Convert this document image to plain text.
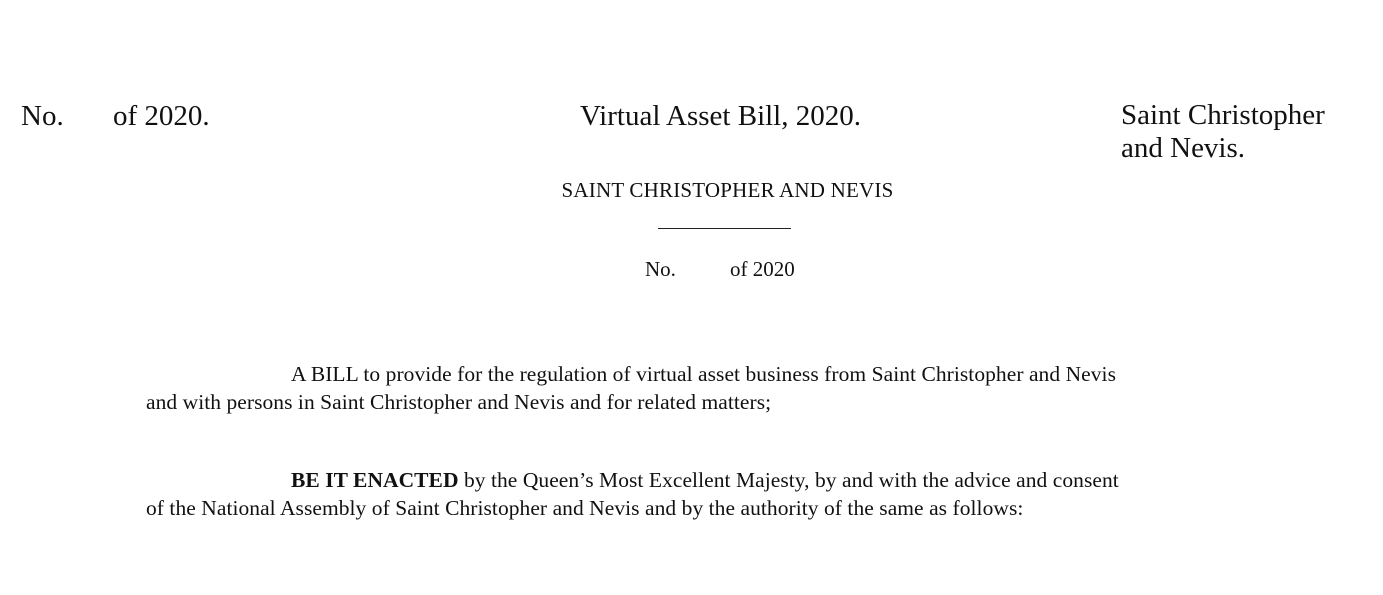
No. of 2020.	Virtual Asset Bill, 2020.	Saint Christopher
and Nevis.
SAINT CHRISTOPHER AND NEVIS
No.	of 2020
A BILL to provide for the regulation of virtual asset business from Saint Christopher and Nevis
and with persons in Saint Christopher and Nevis and for related matters;
BE IT ENACTED by the Queen’s Most Excellent Majesty, by and with the advice and consent
of the National Assembly of Saint Christopher and Nevis and by the authority of the same as follows:
